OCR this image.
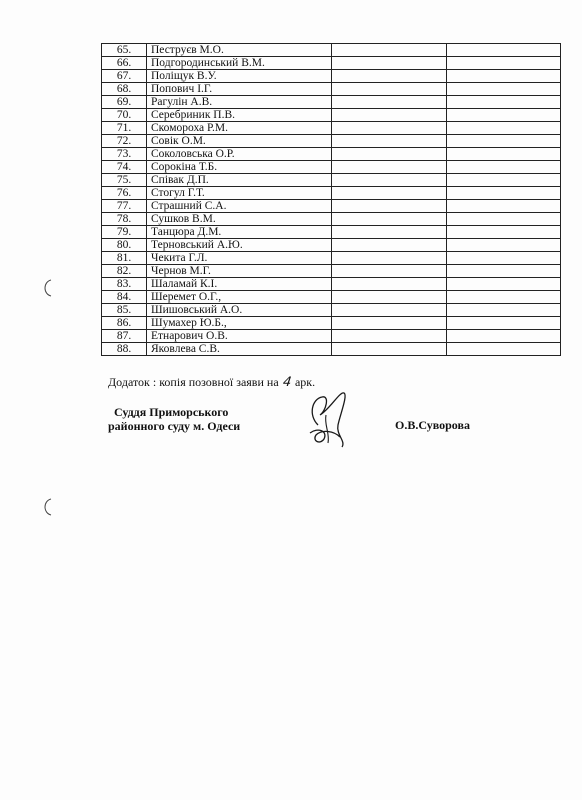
65.	Пеструєв М.О.		
66.	Подгородинський В.М.		
67.	Поліщук В.У.		
68.	Попович І.Г.		
69.	Рагулін А.В.		
70.	Серебриник П.В.		
71.	Скомороха Р.М.		
72.	Совік О.М.		
73.	Соколовська О.Р.		
74.	Сорокіна Т.Б.		
75.	Співак Д.П.		
76.	Стогул Г.Т.		
77.	Страшний С.А.		
78.	Сушков В.М.		
79.	Танцюра Д.М.		
80.	Терновський А.Ю.		
81.	Чекита Г.Л.		
82.	Чернов М.Г.		
83.	Шаламай К.І.		
84.	Шеремет О.Г.,		
85.	Шишовський А.О.		
86.	Шумахер Ю.Б.,		
87.	Етнарович О.В.		
88.	Яковлева С.В.		
Додаток : копія позовної заяви на 4 арк.
Суддя Приморського
районного суду м. Одеси	О.В.Суворова
